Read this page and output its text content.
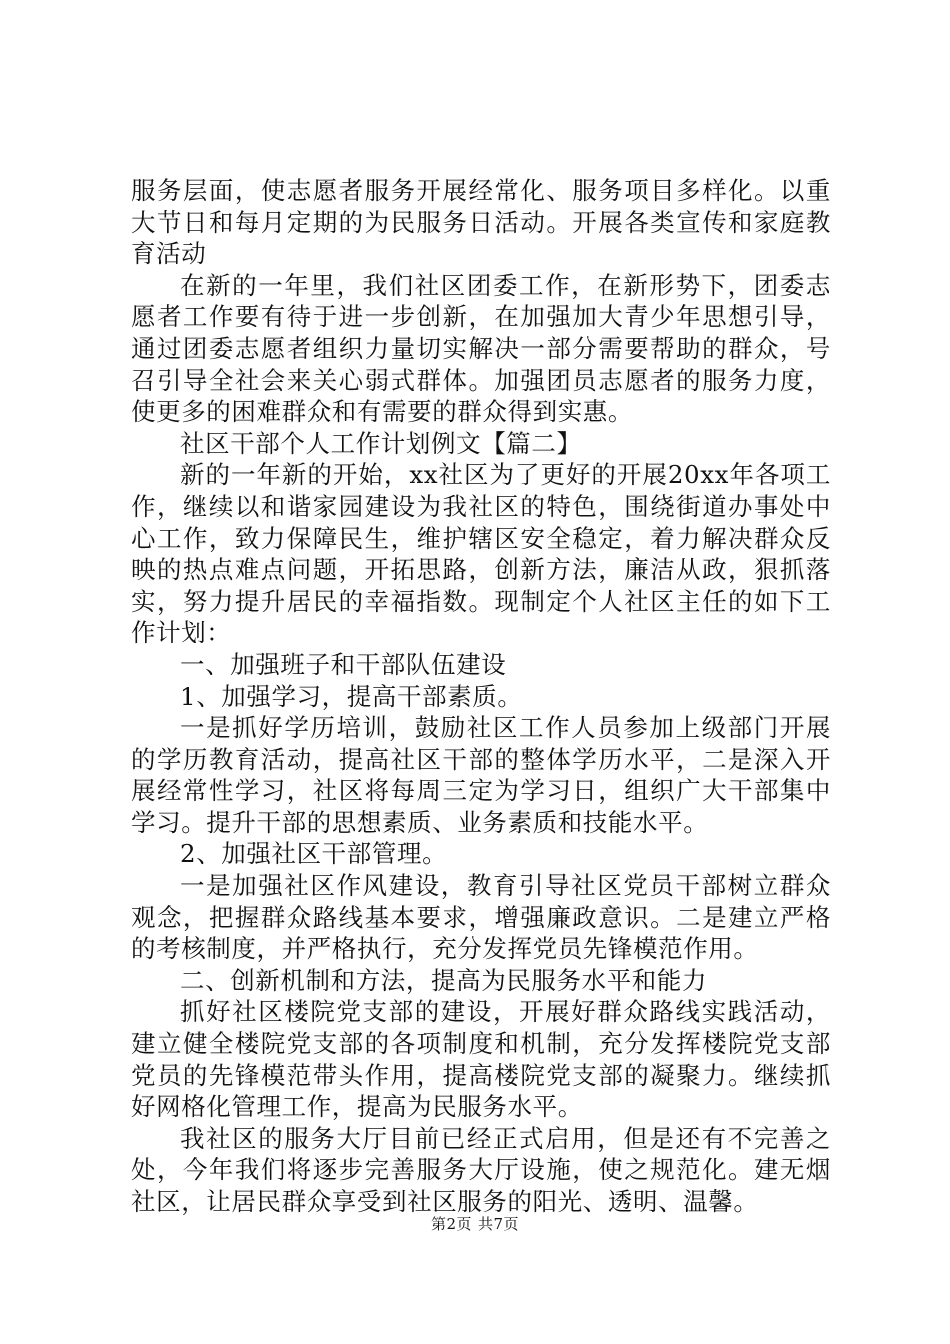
服务层面，使志愿者服务开展经常化、服务项目多样化。以重大节日和每月定期的为民服务日活动。开展各类宣传和家庭教育活动

在新的一年里，我们社区团委工作，在新形势下，团委志愿者工作要有待于进一步创新，在加强加大青少年思想引导，通过团委志愿者组织力量切实解决一部分需要帮助的群众，号召引导全社会来关心弱式群体。加强团员志愿者的服务力度，使更多的困难群众和有需要的群众得到实惠。

社区干部个人工作计划例文【篇二】

新的一年新的开始，xx社区为了更好的开展20xx年各项工作，继续以和谐家园建设为我社区的特色，围绕街道办事处中心工作，致力保障民生，维护辖区安全稳定，着力解决群众反映的热点难点问题，开拓思路，创新方法，廉洁从政，狠抓落实，努力提升居民的幸福指数。现制定个人社区主任的如下工作计划：

一、加强班子和干部队伍建设

1、加强学习，提高干部素质。

一是抓好学历培训，鼓励社区工作人员参加上级部门开展的学历教育活动，提高社区干部的整体学历水平，二是深入开展经常性学习，社区将每周三定为学习日，组织广大干部集中学习。提升干部的思想素质、业务素质和技能水平。

2、加强社区干部管理。

一是加强社区作风建设，教育引导社区党员干部树立群众观念，把握群众路线基本要求，增强廉政意识。二是建立严格的考核制度，并严格执行，充分发挥党员先锋模范作用。

二、创新机制和方法，提高为民服务水平和能力

抓好社区楼院党支部的建设，开展好群众路线实践活动，建立健全楼院党支部的各项制度和机制，充分发挥楼院党支部党员的先锋模范带头作用，提高楼院党支部的凝聚力。继续抓好网格化管理工作，提高为民服务水平。

我社区的服务大厅目前已经正式启用，但是还有不完善之处，今年我们将逐步完善服务大厅设施，使之规范化。建无烟社区，让居民群众享受到社区服务的阳光、透明、温馨。

第2页 共7页
